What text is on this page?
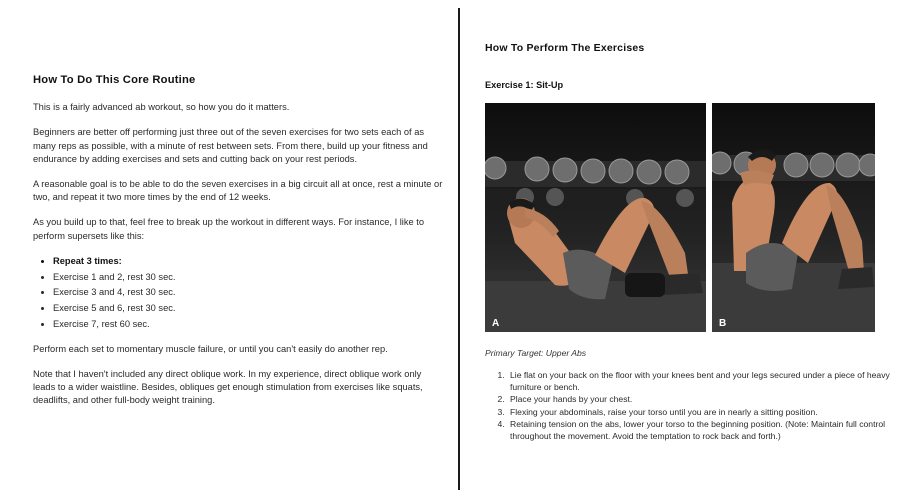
How To Do This Core Routine

This is a fairly advanced ab workout, so how you do it matters.

Beginners are better off performing just three out of the seven exercises for two sets each of as many reps as possible, with a minute of rest between sets. From there, build up your fitness and endurance by adding exercises and sets and cutting back on your rest periods.

A reasonable goal is to be able to do the seven exercises in a big circuit all at once, rest a minute or two, and repeat it two more times by the end of 12 weeks.

As you build up to that, feel free to break up the workout in different ways. For instance, I like to perform supersets like this:

• Repeat 3 times:
• Exercise 1 and 2, rest 30 sec.
• Exercise 3 and 4, rest 30 sec.
• Exercise 5 and 6, rest 30 sec.
• Exercise 7, rest 60 sec.

Perform each set to momentary muscle failure, or until you can't easily do another rep.

Note that I haven't included any direct oblique work. In my experience, direct oblique work only leads to a wider waistline. Besides, obliques get enough stimulation from exercises like squats, deadlifts, and other full-body weight training.

How To Perform The Exercises
Exercise 1: Sit-Up
A	B
Primary Target: Upper Abs
1. Lie flat on your back on the floor with your knees bent and your legs secured under a piece of heavy furniture or bench.
2. Place your hands by your chest.
3. Flexing your abdominals, raise your torso until you are in nearly a sitting position.
4. Retaining tension on the abs, lower your torso to the beginning position. (Note: Maintain full control throughout the movement. Avoid the temptation to rock back and forth.)
